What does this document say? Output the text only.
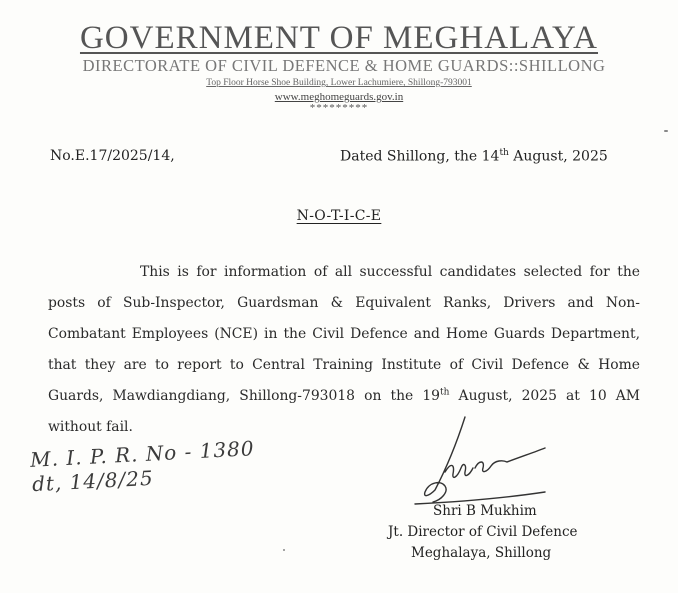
GOVERNMENT OF MEGHALAYA
DIRECTORATE OF CIVIL DEFENCE & HOME GUARDS::SHILLONG
Top Floor Horse Shoe Building, Lower Lachumiere, Shillong-793001
www.meghomeguards.gov.in
*********
No.E.17/2025/14,	Dated Shillong, the 14th August, 2025
N-O-T-I-C-E
This is for information of all successful candidates selected for the posts of Sub-Inspector, Guardsman & Equivalent Ranks, Drivers and Non-Combatant Employees (NCE) in the Civil Defence and Home Guards Department, that they are to report to Central Training Institute of Civil Defence & Home Guards, Mawdiangdiang, Shillong-793018 on the 19th August, 2025 at 10 AM without fail.
M. I. P. R. No - 1380
dt, 14/8/25
Shri B Mukhim
Jt. Director of Civil Defence
Meghalaya, Shillong
